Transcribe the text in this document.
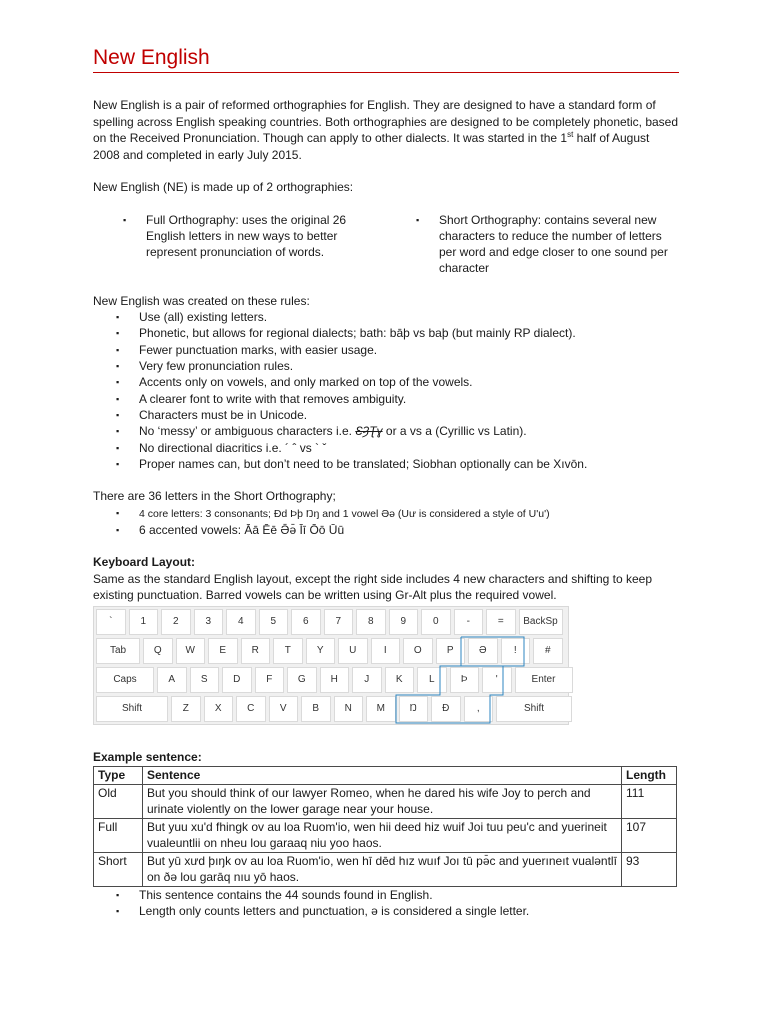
New English

New English is a pair of reformed orthographies for English. They are designed to have a standard form of spelling across English speaking countries. Both orthographies are designed to be completely phonetic, based on the Received Pronunciation. Though can apply to other dialects. It was started in the 1st half of August 2008 and completed in early July 2015.

New English (NE) is made up of 2 orthographies:

▪ Full Orthography: uses the original 26 English letters in new ways to better represent pronunciation of words.
▪ Short Orthography: contains several new characters to reduce the number of letters per word and edge closer to one sound per character

New English was created on these rules:

▪ Use (all) existing letters.
▪ Phonetic, but allows for regional dialects; bath: bāþ vs baþ (but mainly RP dialect).
▪ Fewer punctuation marks, with easier usage.
▪ Very few pronunciation rules.
▪ Accents only on vowels, and only marked on top of the vowels.
▪ A clearer font to write with that removes ambiguity.
▪ Characters must be in Unicode.
▪ No ‘messy’ or ambiguous characters i.e. ƐȜƮɣ or a vs a (Cyrillic vs Latin).
▪ No directional diacritics i.e. ´ ˆ vs ` ˇ
▪ Proper names can, but don’t need to be translated; Siobhan optionally can be Xıvōn.

There are 36 letters in the Short Orthography;

▪ 4 core letters: 3 consonants; Ðd Þþ Ŋŋ and 1 vowel Əə (Uư is considered a style of U'u')
▪ 6 accented vowels: Āā Ēē Ə̄ə̄ Īī Ōō Ūū

Keyboard Layout:

Same as the standard English layout, except the right side includes 4 new characters and shifting to keep existing punctuation. Barred vowels can be written using Gr-Alt plus the required vowel.

`	1	2	3	4	5	6	7	8	9	0	-	=	BackSp
Tab	Q	W	E	R	T	Y	U	I	O	P	Ə	!	#
Caps	A	S	D	F	G	H	J	K	L	Þ	'	Enter
Shift	Z	X	C	V	B	N	M	Ŋ	Ð	,	Shift

Example sentence:

Type	Sentence	Length
Old	But you should think of our lawyer Romeo, when he dared his wife Joy to perch and urinate violently on the lower garage near your house.	111
Full	But yuu xu'd fhingk ov au loa Ruom'io, wen hii deed hiz wuif Joi tuu peu'c and yuerineit vualeuntlii on nheu lou garaaq niu yoo haos.	107
Short	But yū xưd þıŋk ov au loa Ruom'io, wen hī dēd hız wuıf Joı tū pə̄c and yuerıneıt vualəntlī on ðə lou garāq nıu yō haos.	93
▪ This sentence contains the 44 sounds found in English.
▪ Length only counts letters and punctuation, ə is considered a single letter.
